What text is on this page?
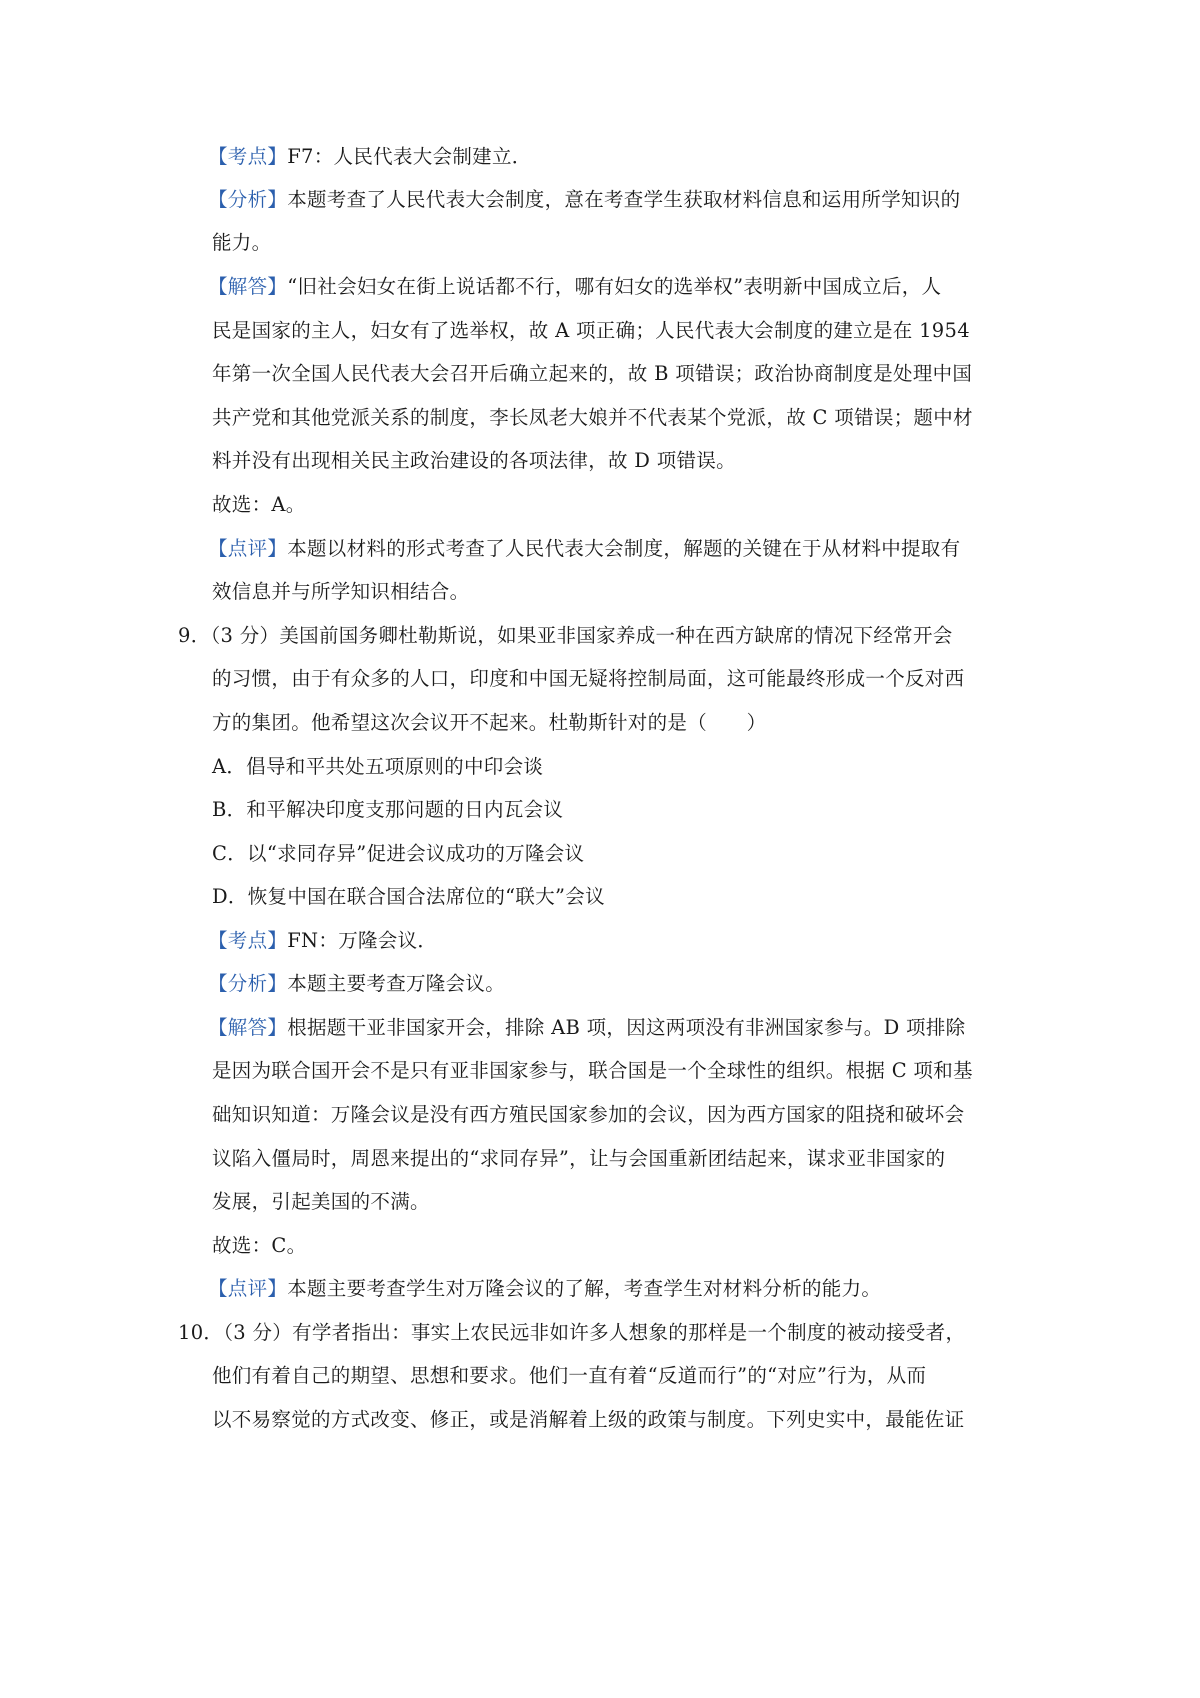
【考点】F7：人民代表大会制建立．
【分析】本题考查了人民代表大会制度，意在考查学生获取材料信息和运用所学知识的
能力。
【解答】“旧社会妇女在街上说话都不行，哪有妇女的选举权”表明新中国成立后，人
民是国家的主人，妇女有了选举权，故 A 项正确；人民代表大会制度的建立是在 1954
年第一次全国人民代表大会召开后确立起来的，故 B 项错误；政治协商制度是处理中国
共产党和其他党派关系的制度，李长凤老大娘并不代表某个党派，故 C 项错误；题中材
料并没有出现相关民主政治建设的各项法律，故 D 项错误。
故选：A。
【点评】本题以材料的形式考查了人民代表大会制度，解题的关键在于从材料中提取有
效信息并与所学知识相结合。
9．（3 分）美国前国务卿杜勒斯说，如果亚非国家养成一种在西方缺席的情况下经常开会
的习惯，由于有众多的人口，印度和中国无疑将控制局面，这可能最终形成一个反对西
方的集团。他希望这次会议开不起来。杜勒斯针对的是（　　）
A．倡导和平共处五项原则的中印会谈
B．和平解决印度支那问题的日内瓦会议
C．以“求同存异”促进会议成功的万隆会议
D．恢复中国在联合国合法席位的“联大”会议
【考点】FN：万隆会议．
【分析】本题主要考查万隆会议。
【解答】根据题干亚非国家开会，排除 AB 项，因这两项没有非洲国家参与。D 项排除
是因为联合国开会不是只有亚非国家参与，联合国是一个全球性的组织。根据 C 项和基
础知识知道：万隆会议是没有西方殖民国家参加的会议，因为西方国家的阻挠和破坏会
议陷入僵局时，周恩来提出的“求同存异”，让与会国重新团结起来，谋求亚非国家的
发展，引起美国的不满。
故选：C。
【点评】本题主要考查学生对万隆会议的了解，考查学生对材料分析的能力。
10．（3 分）有学者指出：事实上农民远非如许多人想象的那样是一个制度的被动接受者，
他们有着自己的期望、思想和要求。他们一直有着“反道而行”的“对应”行为，从而
以不易察觉的方式改变、修正，或是消解着上级的政策与制度。下列史实中，最能佐证
